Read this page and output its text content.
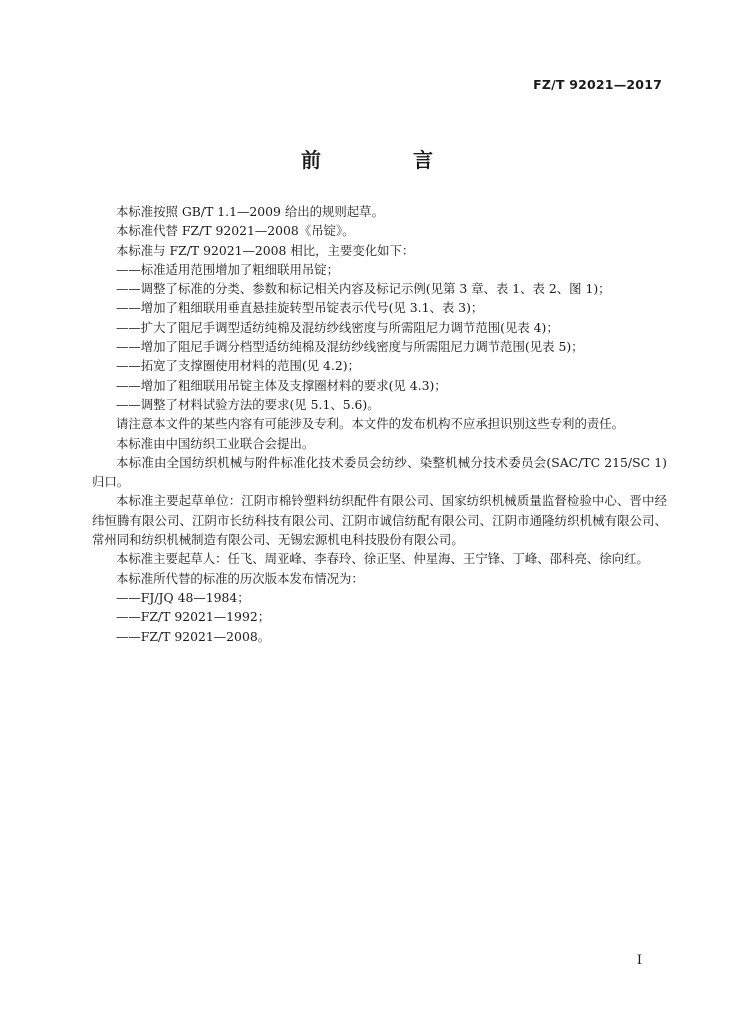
FZ/T 92021—2017
前　言

本标准按照 GB/T 1.1—2009 给出的规则起草。

本标准代替 FZ/T 92021—2008《吊锭》。

本标准与 FZ/T 92021—2008 相比，主要变化如下：

——标准适用范围增加了粗细联用吊锭；

——调整了标准的分类、参数和标记相关内容及标记示例(见第 3 章、表 1、表 2、图 1)；

——增加了粗细联用垂直悬挂旋转型吊锭表示代号(见 3.1、表 3)；

——扩大了阻尼手调型适纺纯棉及混纺纱线密度与所需阻尼力调节范围(见表 4)；

——增加了阻尼手调分档型适纺纯棉及混纺纱线密度与所需阻尼力调节范围(见表 5)；

——拓宽了支撑圈使用材料的范围(见 4.2)；

——增加了粗细联用吊锭主体及支撑圈材料的要求(见 4.3)；

——调整了材料试验方法的要求(见 5.1、5.6)。

请注意本文件的某些内容有可能涉及专利。本文件的发布机构不应承担识别这些专利的责任。

本标准由中国纺织工业联合会提出。

本标准由全国纺织机械与附件标准化技术委员会纺纱、染整机械分技术委员会(SAC/TC 215/SC 1)归口。

本标准主要起草单位：江阴市棉铃塑料纺织配件有限公司、国家纺织机械质量监督检验中心、晋中经纬恒腾有限公司、江阴市长纺科技有限公司、江阴市诚信纺配有限公司、江阴市通隆纺织机械有限公司、常州同和纺织机械制造有限公司、无锡宏源机电科技股份有限公司。

本标准主要起草人：任飞、周亚峰、李春玲、徐正坚、仲星海、王宁锋、丁峰、邵科亮、徐向红。

本标准所代替的标准的历次版本发布情况为：

——FJ/JQ 48—1984；

——FZ/T 92021—1992；

——FZ/T 92021—2008。

I
